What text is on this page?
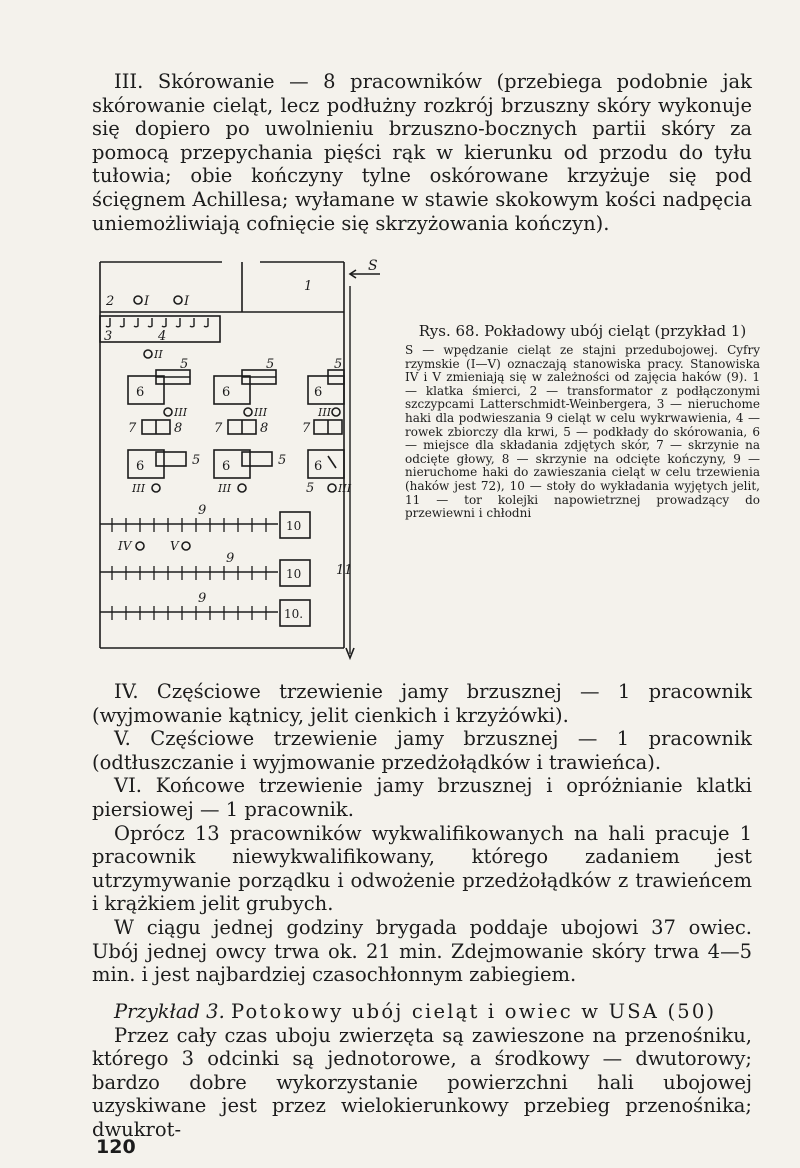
III. Skórowanie — 8 pracowników (przebiega podobnie jak skórowanie cieląt, lecz podłużny rozkrój brzuszny skóry wykonuje się dopiero po uwolnieniu brzuszno-bocznych partii skóry za pomocą przepychania pięści rąk w kierunku od przodu do tyłu tułowia; obie kończyny tylne oskórowane krzyżuje się pod ścięgnem Achillesa; wyłamane w stawie skokowym kości nadpęcia uniemożliwiają cofnięcie się skrzyżowania kończyn).

S
1
2 I	I
3	4
II
5	5	5
6	6	6
III	III	III
7	8 7	8	7
6	5 6	5 6
III	III	5 III
9
10
IV	V
9
10	11
9
10.

Rys. 68. Pokładowy ubój cieląt (przykład 1)

S — wpędzanie cieląt ze stajni przedubojowej. Cyfry rzymskie (I—V) oznaczają stanowiska pracy. Stanowiska IV i V zmieniają się w zależności od zajęcia haków (9). 1 — klatka śmierci, 2 — transformator z podłączonymi szczypcami Latterschmidt-Weinbergera, 3 — nieruchome haki dla podwieszania 9 cieląt w celu wykrwawienia, 4 — rowek zbiorczy dla krwi, 5 — podkłady do skórowania, 6 — miejsce dla składania zdjętych skór, 7 — skrzynie na odcięte głowy, 8 — skrzynie na odcięte kończyny, 9 — nieruchome haki do zawieszania cieląt w celu trzewienia (haków jest 72), 10 — stoły do wykładania wyjętych jelit, 11 — tor kolejki napowietrznej prowadzący do przewiewni i chłodni

IV. Częściowe trzewienie jamy brzusznej — 1 pracownik (wyjmowanie kątnicy, jelit cienkich i krzyżówki).

V. Częściowe trzewienie jamy brzusznej — 1 pracownik (odtłuszczanie i wyjmowanie przedżołądków i trawieńca).

VI. Końcowe trzewienie jamy brzusznej i opróżnianie klatki piersiowej — 1 pracownik.

Oprócz 13 pracowników wykwalifikowanych na hali pracuje 1 pracownik niewykwalifikowany, którego zadaniem jest utrzymywanie porządku i odwożenie przedżołądków z trawieńcem i krążkiem jelit grubych.

W ciągu jednej godziny brygada poddaje ubojowi 37 owiec. Ubój jednej owcy trwa ok. 21 min. Zdejmowanie skóry trwa 4—5 min. i jest najbardziej czasochłonnym zabiegiem.

Przykład 3. Potokowy ubój cieląt i owiec w USA (50)

Przez cały czas uboju zwierzęta są zawieszone na przenośniku, którego 3 odcinki są jednotorowe, a środkowy — dwutorowy; bardzo dobre wykorzystanie powierzchni hali ubojowej uzyskiwane jest przez wielokierunkowy przebieg przenośnika; dwukrot-

120
